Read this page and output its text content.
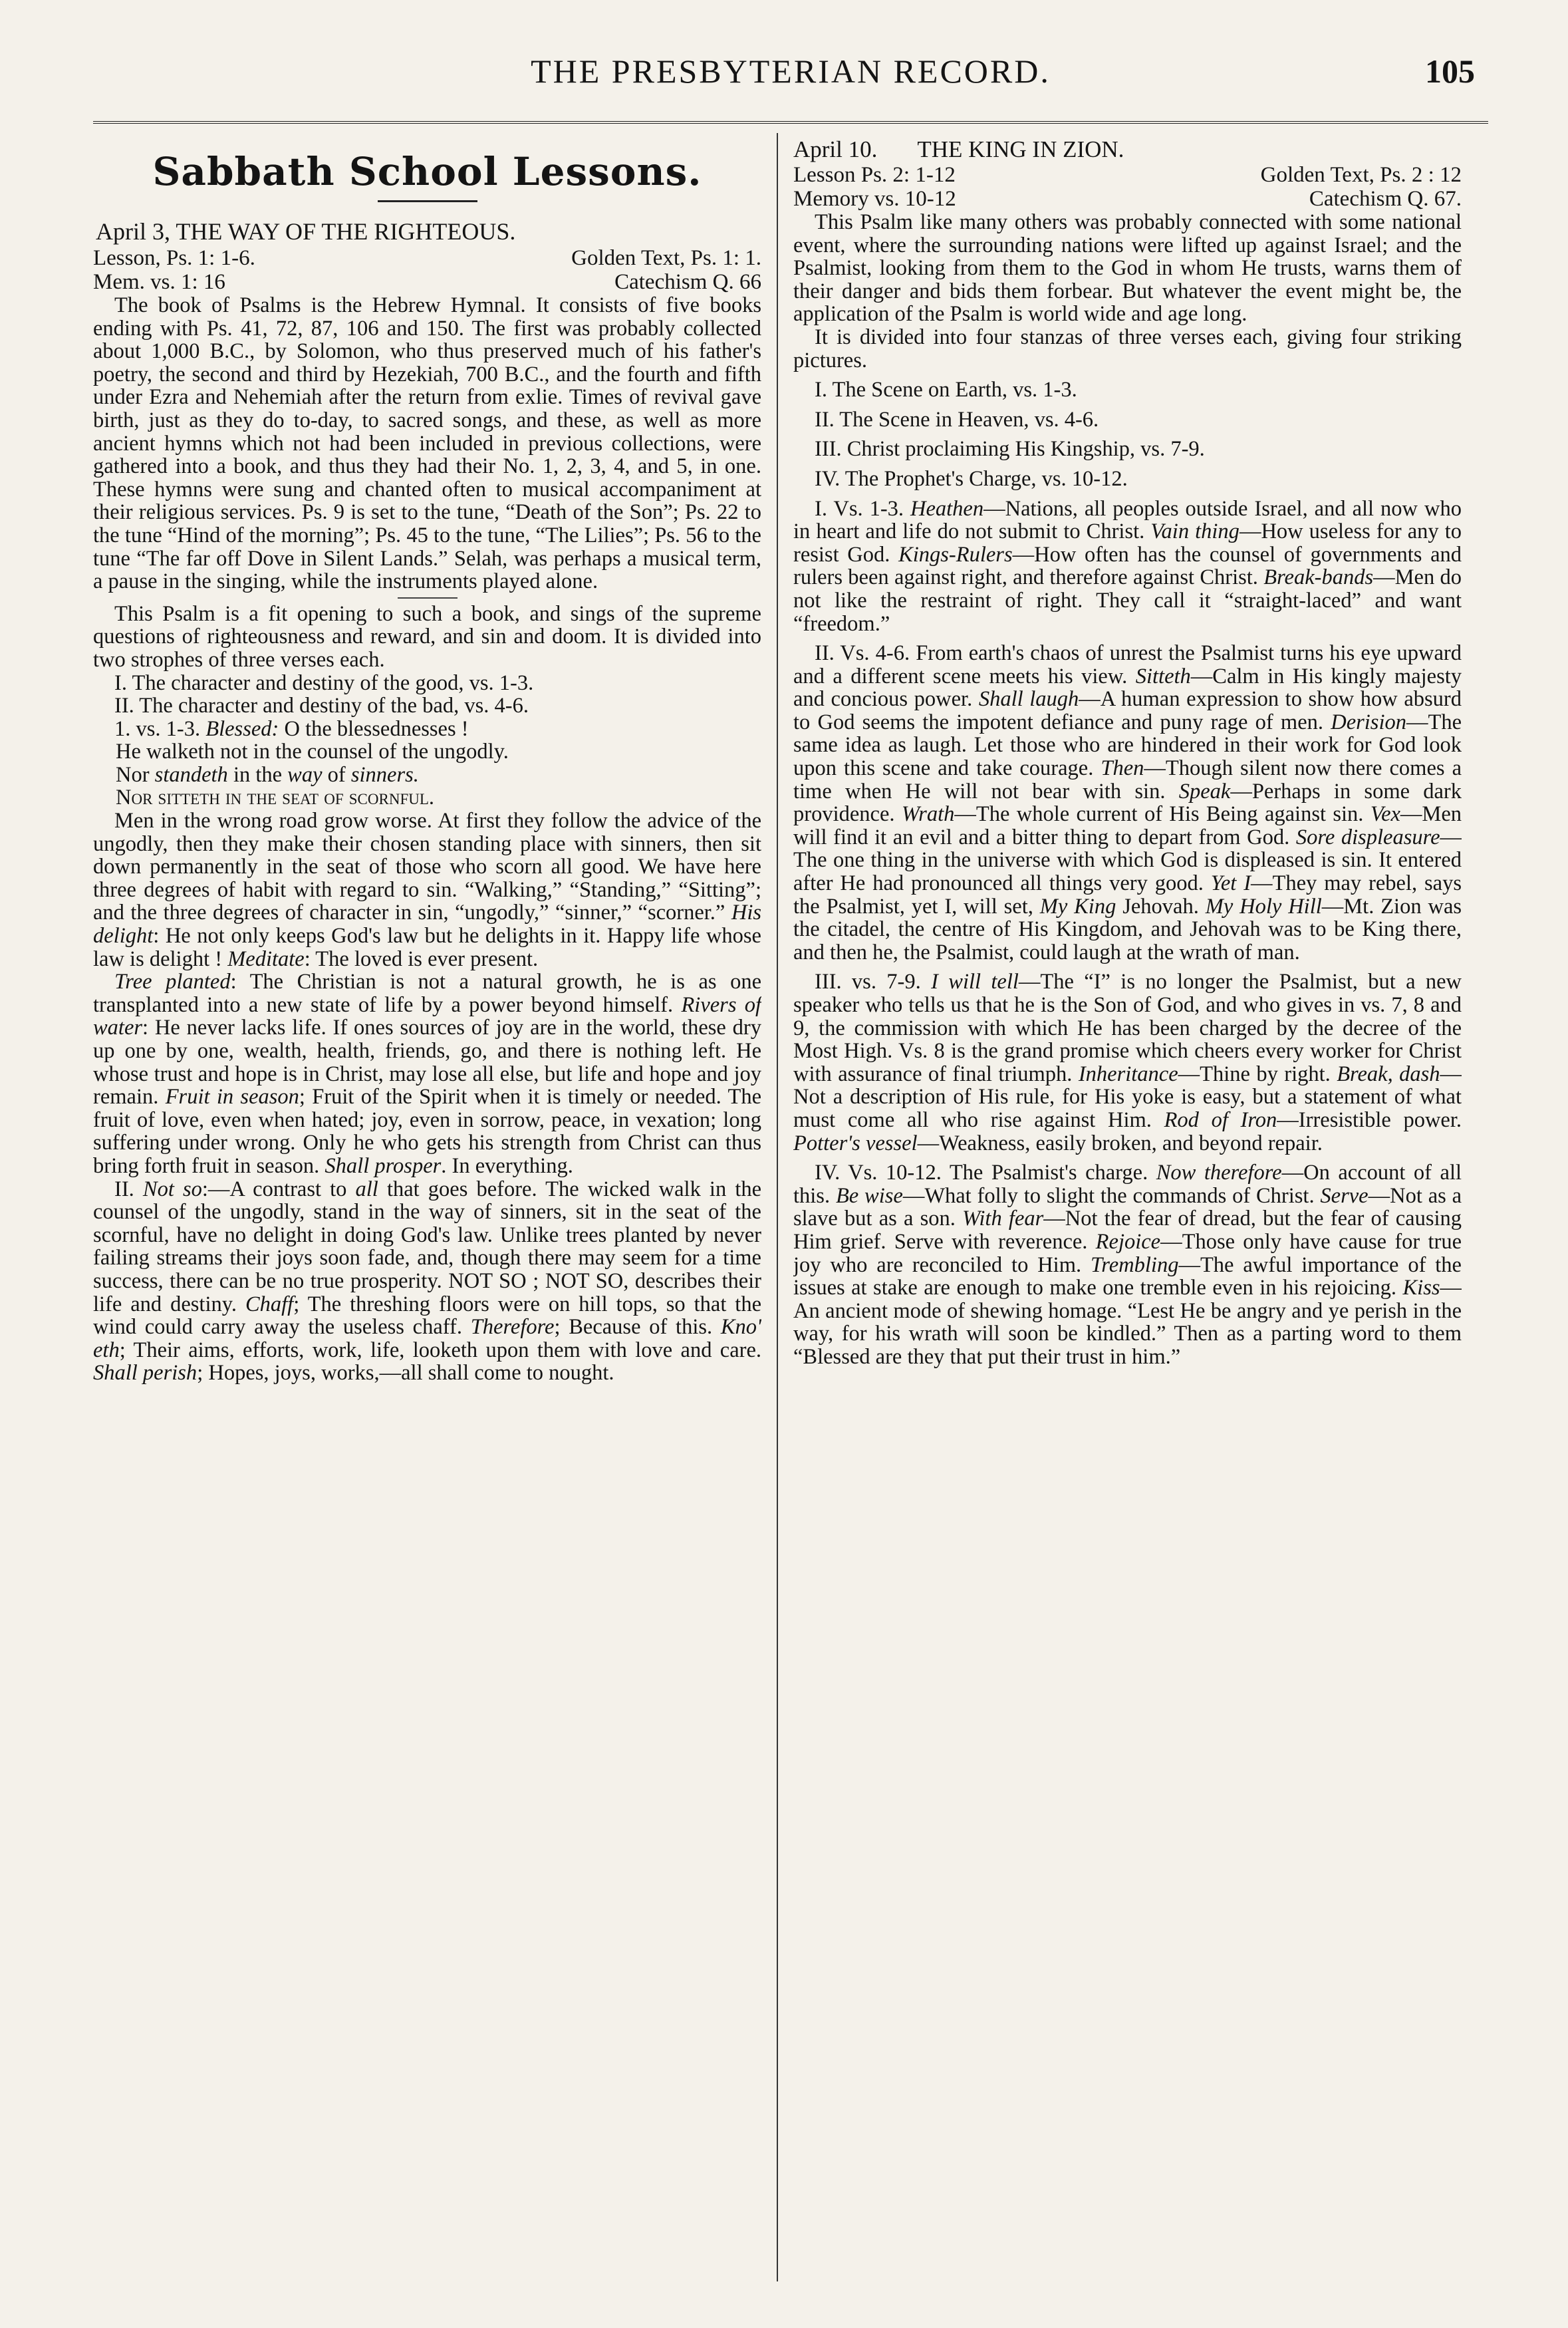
THE PRESBYTERIAN RECORD.	105
Sabbath School Lessons.
April 3, THE WAY OF THE RIGHTEOUS.
Lesson, Ps. 1: 1-6.	Golden Text, Ps. 1: 1.
Mem. vs. 1: 16	Catechism Q. 66

The book of Psalms is the Hebrew Hymnal. It consists of five books ending with Ps. 41, 72, 87, 106 and 150. The first was probably collected about 1,000 B.C., by Solomon, who thus preserved much of his father's poetry, the second and third by Hezekiah, 700 B.C., and the fourth and fifth under Ezra and Nehemiah after the return from exlie. Times of revival gave birth, just as they do to-day, to sacred songs, and these, as well as more ancient hymns which not had been included in previous collections, were gathered into a book, and thus they had their No. 1, 2, 3, 4, and 5, in one. These hymns were sung and chanted often to musical accompaniment at their religious services. Ps. 9 is set to the tune, “Death of the Son”; Ps. 22 to the tune “Hind of the morning”; Ps. 45 to the tune, “The Lilies”; Ps. 56 to the tune “The far off Dove in Silent Lands.” Selah, was perhaps a musical term, a pause in the singing, while the instruments played alone.

This Psalm is a fit opening to such a book, and sings of the supreme questions of righteousness and reward, and sin and doom. It is divided into two strophes of three verses each.

I. The character and destiny of the good, vs. 1-3.

II. The character and destiny of the bad, vs. 4-6.

1. vs. 1-3. Blessed: O the blessednesses !

He walketh not in the counsel of the ungodly.

Nor standeth in the way of sinners.

Nor sitteth in the seat of scornful.

Men in the wrong road grow worse. At first they follow the advice of the ungodly, then they make their chosen standing place with sinners, then sit down permanently in the seat of those who scorn all good. We have here three degrees of habit with regard to sin. “Walking,” “Standing,” “Sitting”; and the three degrees of character in sin, “ungodly,” “sinner,” “scorner.” His delight: He not only keeps God's law but he delights in it. Happy life whose law is delight ! Meditate: The loved is ever present.

Tree planted: The Christian is not a natural growth, he is as one transplanted into a new state of life by a power beyond himself. Rivers of water: He never lacks life. If ones sources of joy are in the world, these dry up one by one, wealth, health, friends, go, and there is nothing left. He whose trust and hope is in Christ, may lose all else, but life and hope and joy remain. Fruit in season; Fruit of the Spirit when it is timely or needed. The fruit of love, even when hated; joy, even in sorrow, peace, in vexation; long suffering under wrong. Only he who gets his strength from Christ can thus bring forth fruit in season. Shall prosper. In everything.

II. Not so:—A contrast to all that goes before. The wicked walk in the counsel of the ungodly, stand in the way of sinners, sit in the seat of the scornful, have no delight in doing God's law. Unlike trees planted by never failing streams their joys soon fade, and, though there may seem for a time success, there can be no true prosperity. NOT SO ; NOT SO, describes their life and destiny. Chaff; The threshing floors were on hill tops, so that the wind could carry away the useless chaff. Therefore; Because of this. Kno' eth; Their aims, efforts, work, life, looketh upon them with love and care. Shall perish; Hopes, joys, works,—all shall come to nought.

April 10. THE KING IN ZION.
Lesson Ps. 2: 1-12	Golden Text, Ps. 2 : 12
Memory vs. 10-12	Catechism Q. 67.

This Psalm like many others was probably connected with some national event, where the surrounding nations were lifted up against Israel; and the Psalmist, looking from them to the God in whom He trusts, warns them of their danger and bids them forbear. But whatever the event might be, the application of the Psalm is world wide and age long.

It is divided into four stanzas of three verses each, giving four striking pictures.

I. The Scene on Earth, vs. 1-3.

II. The Scene in Heaven, vs. 4-6.

III. Christ proclaiming His Kingship, vs. 7-9.

IV. The Prophet's Charge, vs. 10-12.

I. Vs. 1-3. Heathen—Nations, all peoples outside Israel, and all now who in heart and life do not submit to Christ. Vain thing—How useless for any to resist God. Kings-Rulers—How often has the counsel of governments and rulers been against right, and therefore against Christ. Break-bands—Men do not like the restraint of right. They call it “straight-laced” and want “freedom.”

II. Vs. 4-6. From earth's chaos of unrest the Psalmist turns his eye upward and a different scene meets his view. Sitteth—Calm in His kingly majesty and concious power. Shall laugh—A human expression to show how absurd to God seems the impotent defiance and puny rage of men. Derision—The same idea as laugh. Let those who are hindered in their work for God look upon this scene and take courage. Then—Though silent now there comes a time when He will not bear with sin. Speak—Perhaps in some dark providence. Wrath—The whole current of His Being against sin. Vex—Men will find it an evil and a bitter thing to depart from God. Sore displeasure—The one thing in the universe with which God is displeased is sin. It entered after He had pronounced all things very good. Yet I—They may rebel, says the Psalmist, yet I, will set, My King Jehovah. My Holy Hill—Mt. Zion was the citadel, the centre of His Kingdom, and Jehovah was to be King there, and then he, the Psalmist, could laugh at the wrath of man.

III. vs. 7-9. I will tell—The “I” is no longer the Psalmist, but a new speaker who tells us that he is the Son of God, and who gives in vs. 7, 8 and 9, the commission with which He has been charged by the decree of the Most High. Vs. 8 is the grand promise which cheers every worker for Christ with assurance of final triumph. Inheritance—Thine by right. Break, dash—Not a description of His rule, for His yoke is easy, but a statement of what must come all who rise against Him. Rod of Iron—Irresistible power. Potter's vessel—Weakness, easily broken, and beyond repair.

IV. Vs. 10-12. The Psalmist's charge. Now therefore—On account of all this. Be wise—What folly to slight the commands of Christ. Serve—Not as a slave but as a son. With fear—Not the fear of dread, but the fear of causing Him grief. Serve with reverence. Rejoice—Those only have cause for true joy who are reconciled to Him. Trembling—The awful importance of the issues at stake are enough to make one tremble even in his rejoicing. Kiss—An ancient mode of shewing homage. “Lest He be angry and ye perish in the way, for his wrath will soon be kindled.” Then as a parting word to them “Blessed are they that put their trust in him.”
